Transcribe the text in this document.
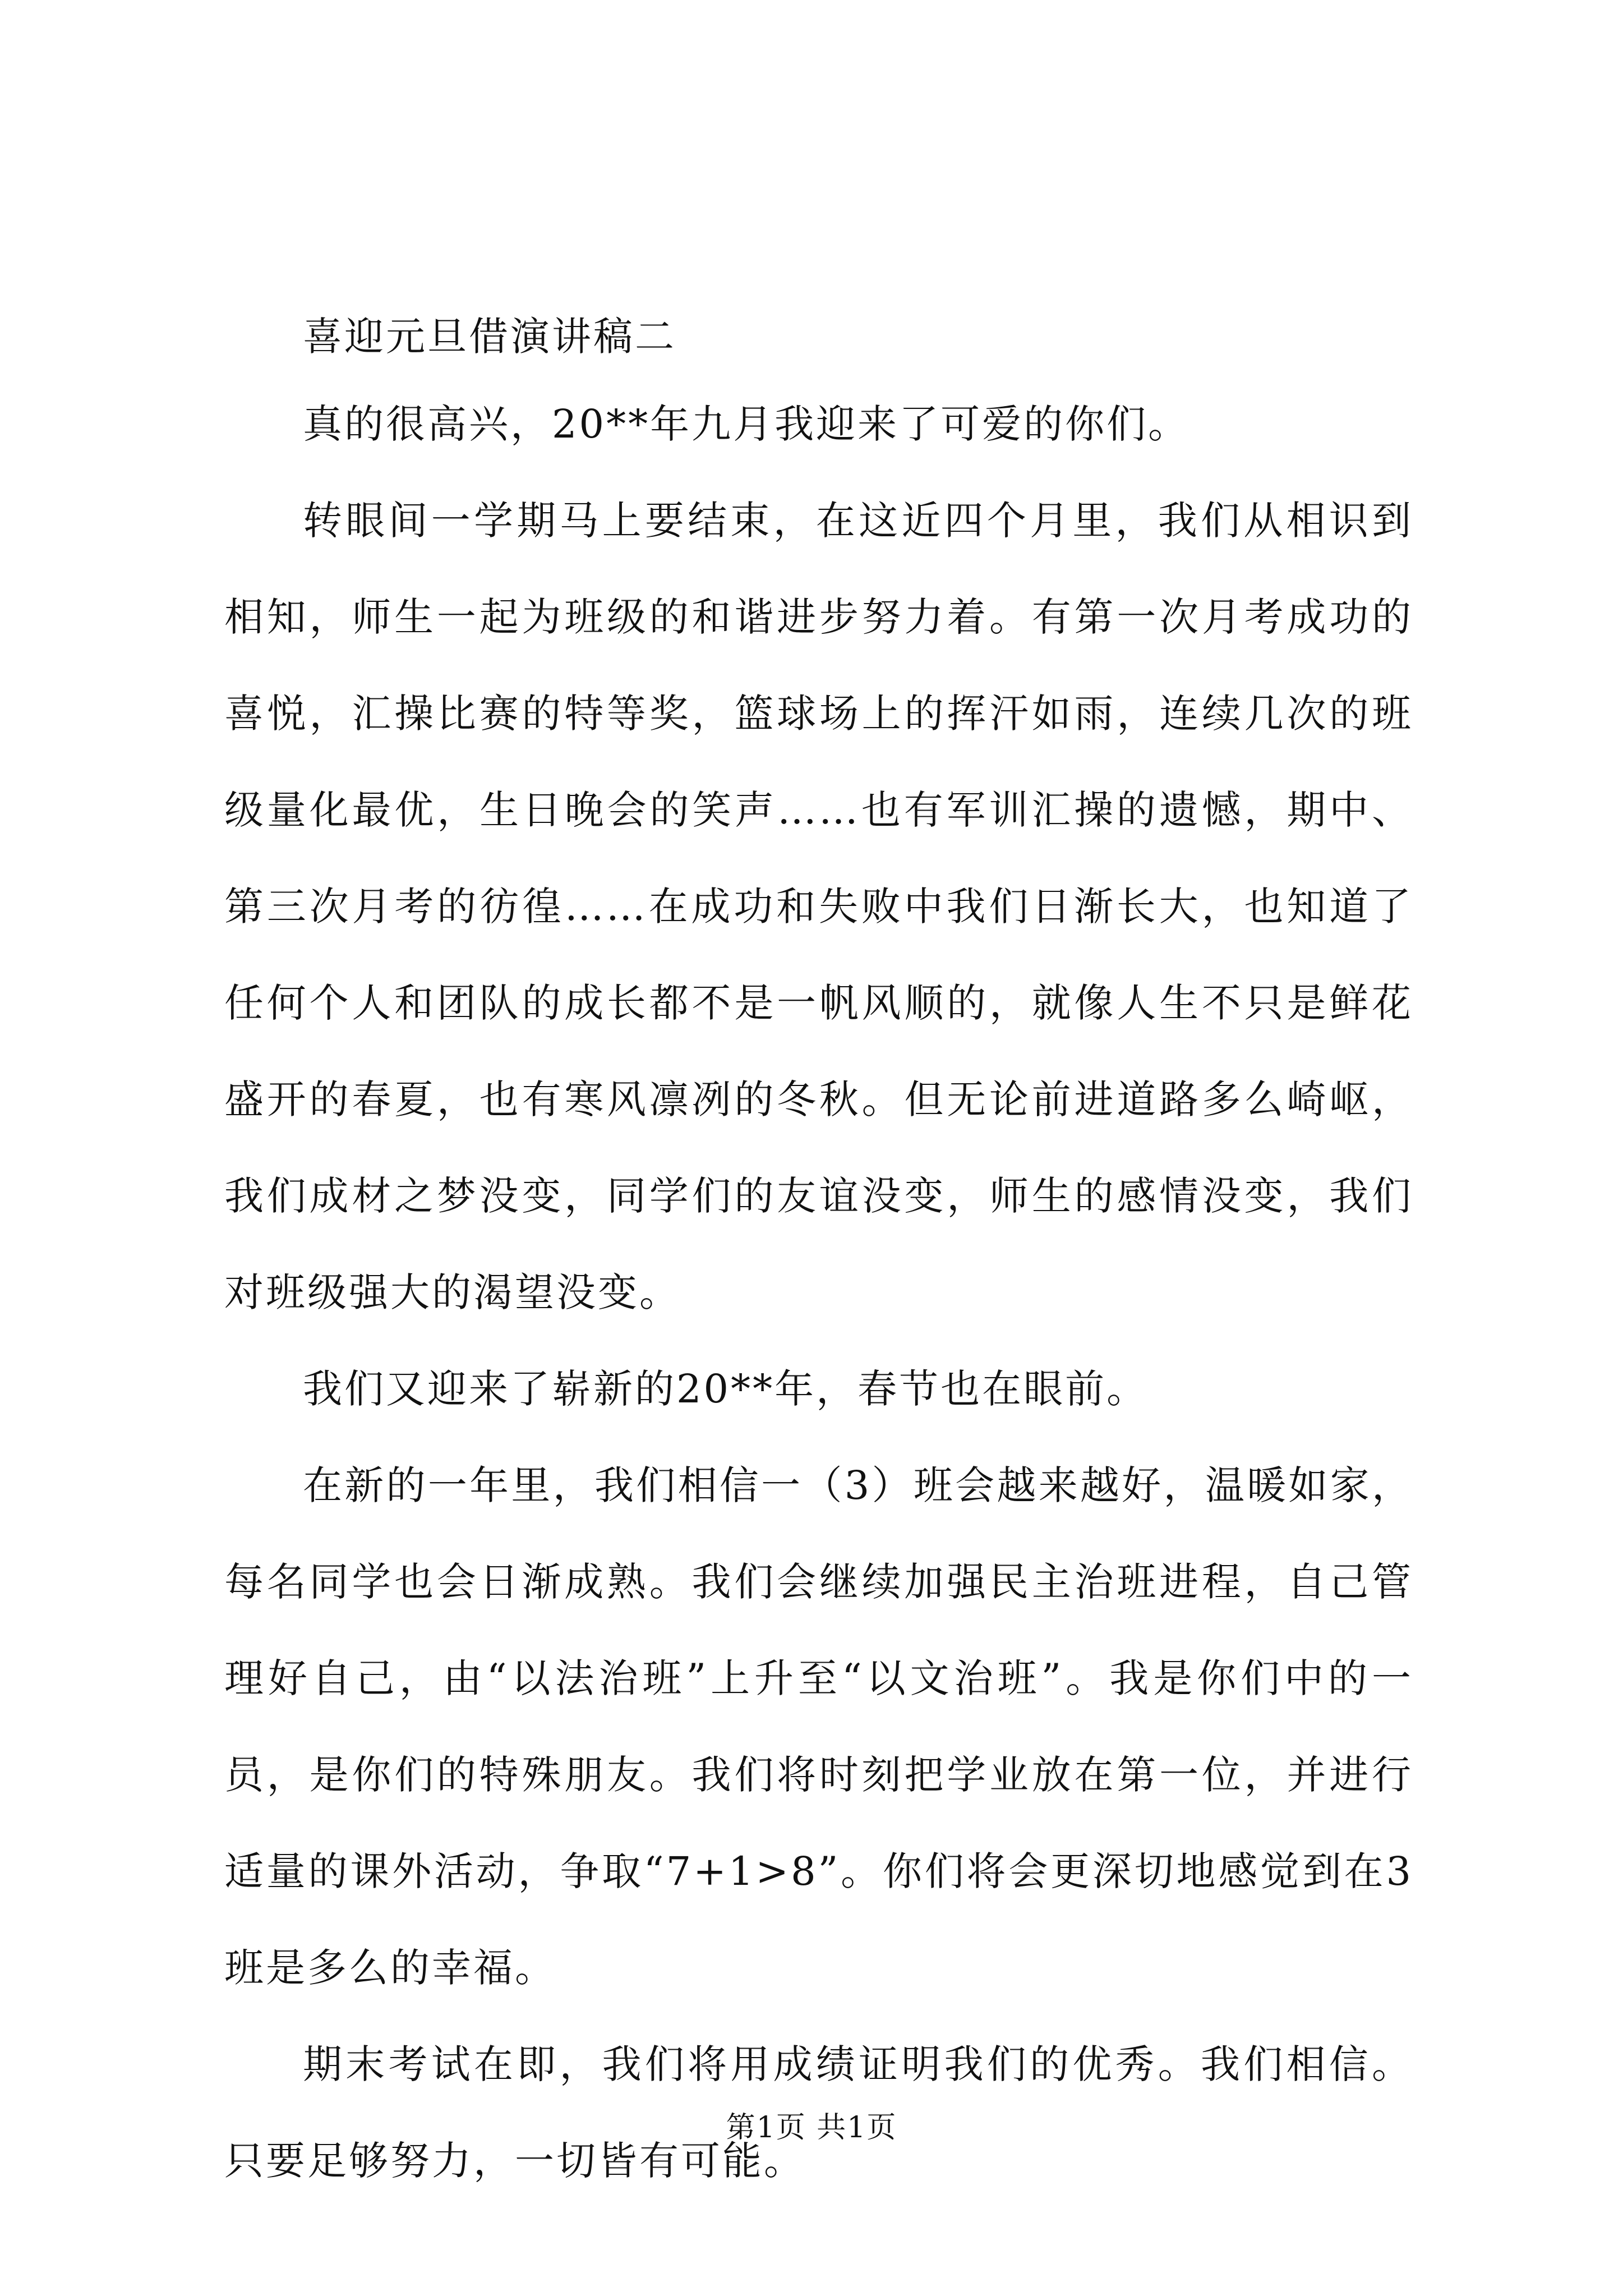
喜迎元旦借演讲稿二

真的很高兴，20**年九月我迎来了可爱的你们。

转眼间一学期马上要结束，在这近四个月里，我们从相识到相知，师生一起为班级的和谐进步努力着。有第一次月考成功的喜悦，汇操比赛的特等奖，篮球场上的挥汗如雨，连续几次的班级量化最优，生日晚会的笑声……也有军训汇操的遗憾，期中、第三次月考的彷徨……在成功和失败中我们日渐长大，也知道了任何个人和团队的成长都不是一帆风顺的，就像人生不只是鲜花盛开的春夏，也有寒风凛冽的冬秋。但无论前进道路多么崎岖，我们成材之梦没变，同学们的友谊没变，师生的感情没变，我们对班级强大的渴望没变。

我们又迎来了崭新的20**年，春节也在眼前。

在新的一年里，我们相信一（3）班会越来越好，温暖如家，每名同学也会日渐成熟。我们会继续加强民主治班进程，自己管理好自己，由“以法治班”上升至“以文治班”。我是你们中的一员，是你们的特殊朋友。我们将时刻把学业放在第一位，并进行适量的课外活动，争取“7+1>8”。你们将会更深切地感觉到在3班是多么的幸福。

期末考试在即，我们将用成绩证明我们的优秀。我们相信。只要足够努力，一切皆有可能。

第1页 共1页
